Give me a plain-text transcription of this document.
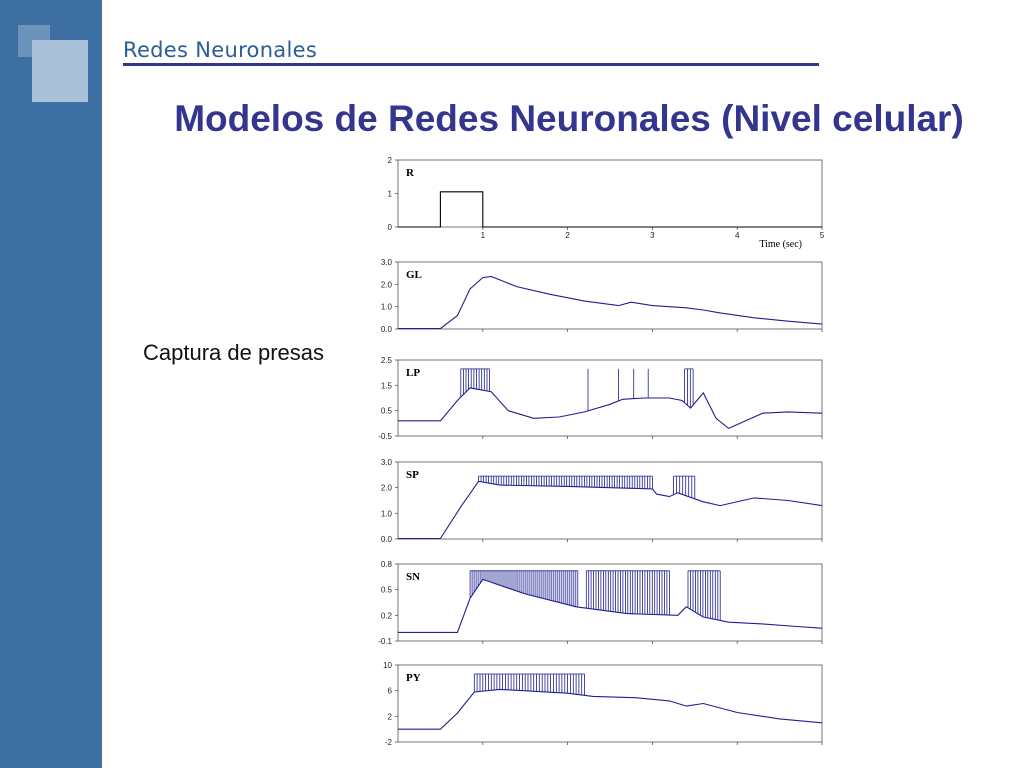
Redes Neuronales
Modelos de Redes Neuronales (Nivel celular)
Captura de presas
0
1
2
1	2	3	4	5
R
Time (sec)
0.0
1.0
2.0
3.0
GL
-0.5
0.5
1.5
2.5
LP
0.0
1.0
2.0
3.0
SP
-0.1
0.2
0.5
0.8
SN
-2
2
6
10
PY
